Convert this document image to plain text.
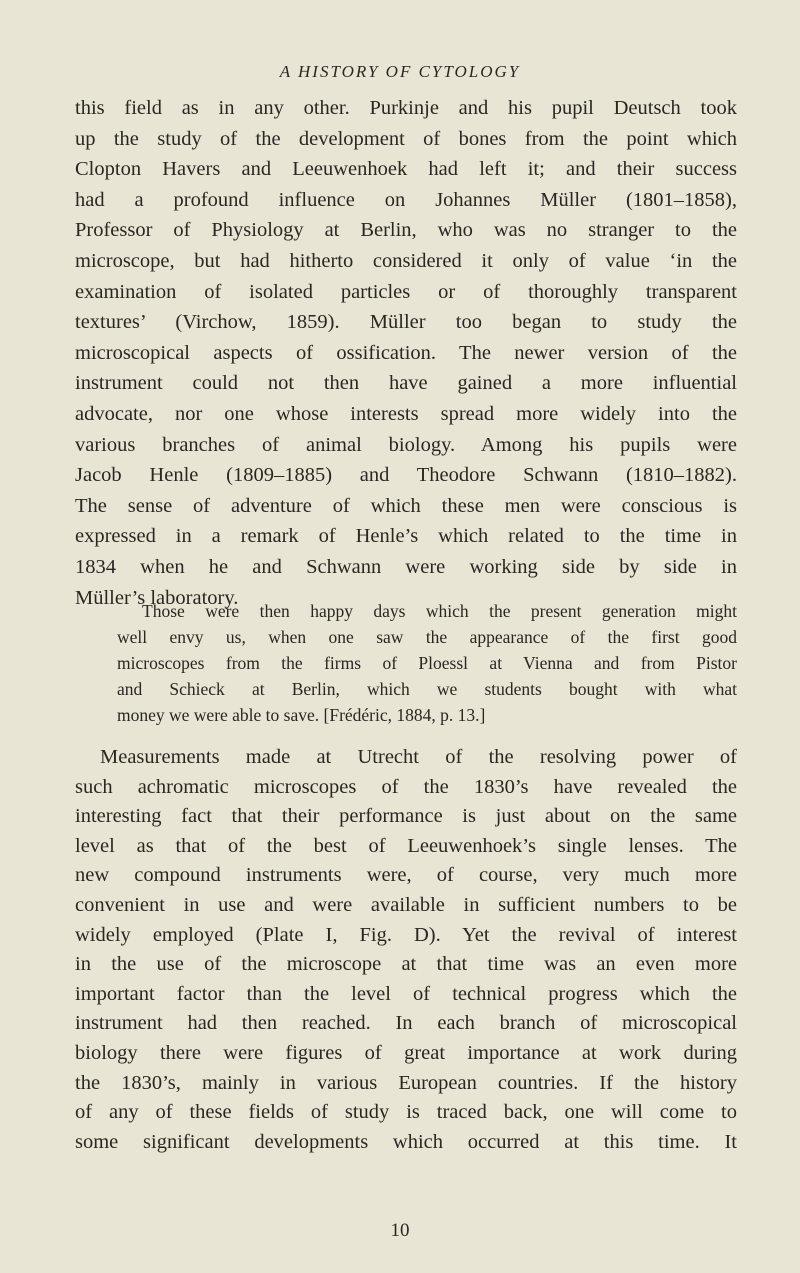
A HISTORY OF CYTOLOGY
this field as in any other. Purkinje and his pupil Deutsch took
up the study of the development of bones from the point which
Clopton Havers and Leeuwenhoek had left it; and their success
had a profound influence on Johannes Müller (1801–1858),
Professor of Physiology at Berlin, who was no stranger to the
microscope, but had hitherto considered it only of value ‘in the
examination of isolated particles or of thoroughly transparent
textures’ (Virchow, 1859). Müller too began to study the
microscopical aspects of ossification. The newer version of the
instrument could not then have gained a more influential
advocate, nor one whose interests spread more widely into the
various branches of animal biology. Among his pupils were
Jacob Henle (1809–1885) and Theodore Schwann (1810–1882).
The sense of adventure of which these men were conscious is
expressed in a remark of Henle’s which related to the time in
1834 when he and Schwann were working side by side in
Müller’s laboratory.
Those were then happy days which the present generation might
well envy us, when one saw the appearance of the first good
microscopes from the firms of Ploessl at Vienna and from Pistor
and Schieck at Berlin, which we students bought with what
money we were able to save. [Frédéric, 1884, p. 13.]
Measurements made at Utrecht of the resolving power of
such achromatic microscopes of the 1830’s have revealed the
interesting fact that their performance is just about on the same
level as that of the best of Leeuwenhoek’s single lenses. The
new compound instruments were, of course, very much more
convenient in use and were available in sufficient numbers to be
widely employed (Plate I, Fig. D). Yet the revival of interest
in the use of the microscope at that time was an even more
important factor than the level of technical progress which the
instrument had then reached. In each branch of microscopical
biology there were figures of great importance at work during
the 1830’s, mainly in various European countries. If the history
of any of these fields of study is traced back, one will come to
some significant developments which occurred at this time. It
10
